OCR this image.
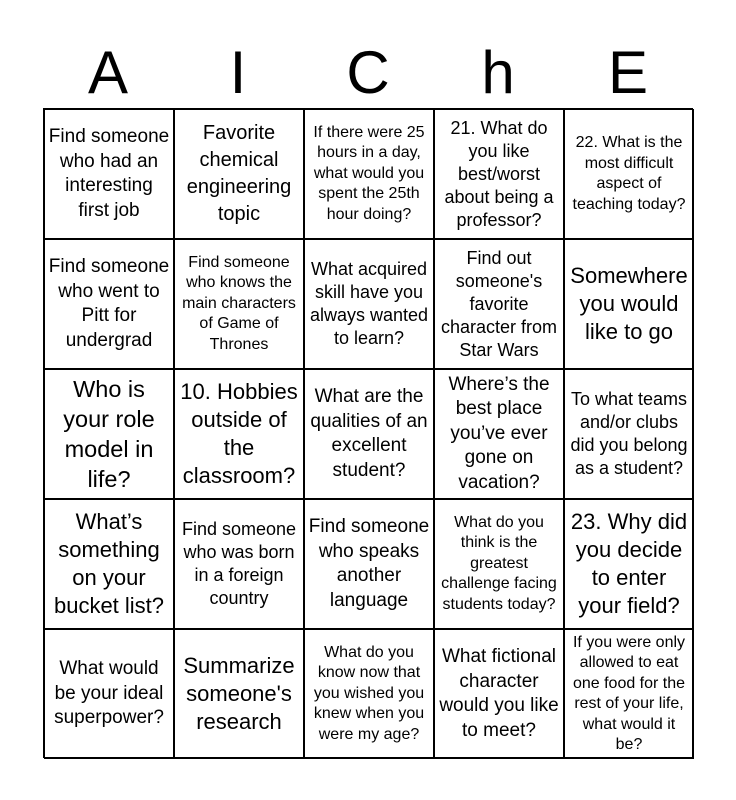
A	I	C	h	E
Find someone who had an interesting first job
Favorite chemical engineering topic
If there were 25 hours in a day, what would you spent the 25th hour doing?
21. What do you like best/worst about being a professor?
22. What is the most difficult aspect of teaching today?
Find someone who went to Pitt for undergrad
Find someone who knows the main characters of Game of Thrones
What acquired skill have you always wanted to learn?
Find out someone's favorite character from Star Wars
Somewhere you would like to go
Who is your role model in life?
10. Hobbies outside of the classroom?
What are the qualities of an excellent student?
Where’s the best place you’ve ever gone on vacation?
To what teams and/or clubs did you belong as a student?
What’s something on your bucket list?
Find someone who was born in a foreign country
Find someone who speaks another language
What do you think is the greatest challenge facing students today?
23. Why did you decide to enter your field?
What would be your ideal superpower?
Summarize someone's research
What do you know now that you wished you knew when you were my age?
What fictional character would you like to meet?
If you were only allowed to eat one food for the rest of your life, what would it be?
